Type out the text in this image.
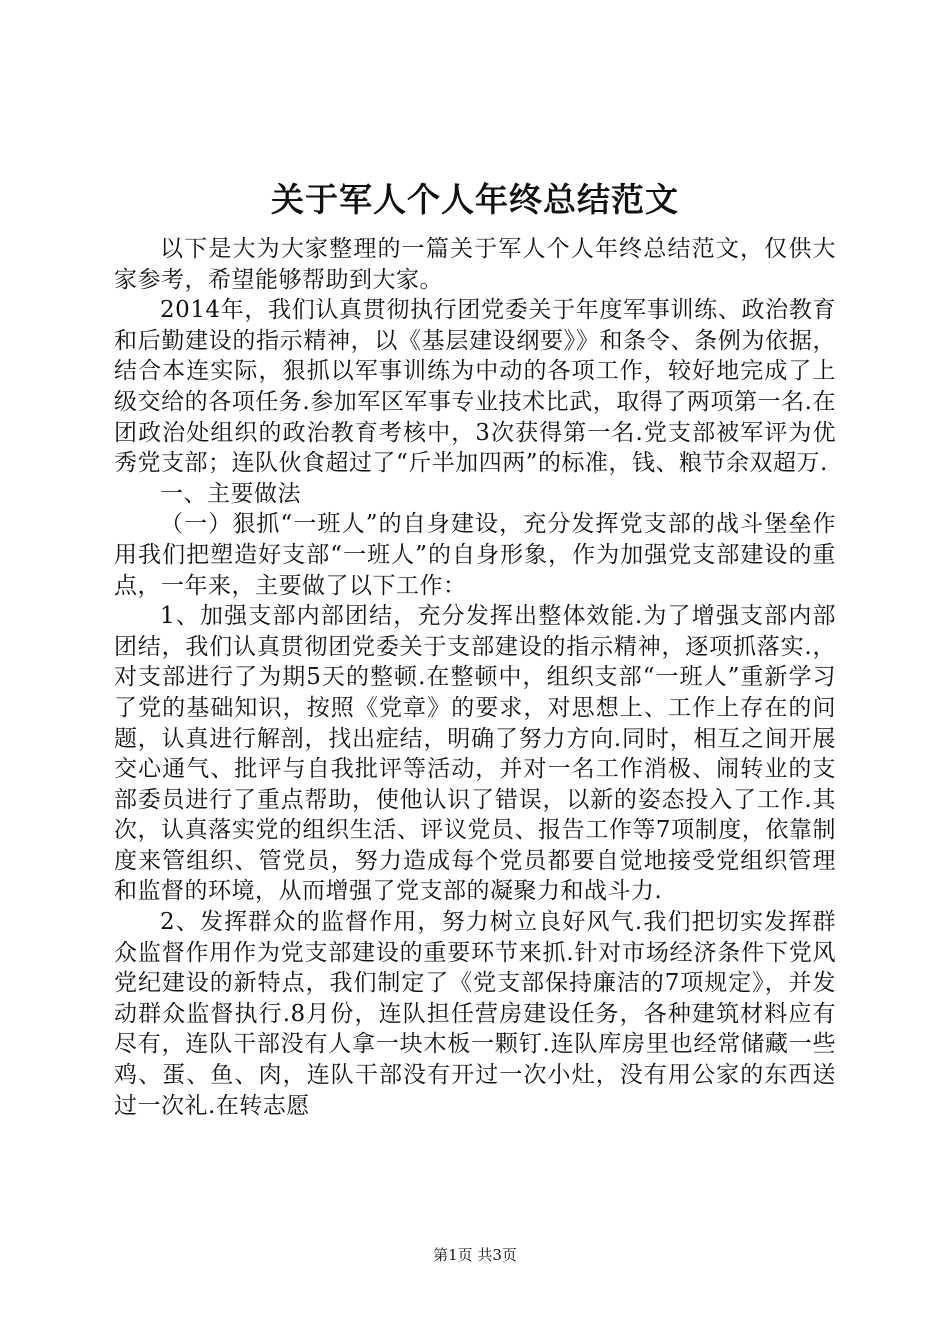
关于军人个人年终总结范文

以下是大为大家整理的一篇关于军人个人年终总结范文，仅供大家参考，希望能够帮助到大家。

2014年，我们认真贯彻执行团党委关于年度军事训练、政治教育和后勤建设的指示精神，以《基层建设纲要》》和条令、条例为依据，结合本连实际，狠抓以军事训练为中动的各项工作，较好地完成了上级交给的各项任务.参加军区军事专业技术比武，取得了两项第一名.在团政治处组织的政治教育考核中，3次获得第一名.党支部被军评为优秀党支部；连队伙食超过了“斤半加四两”的标准，钱、粮节余双超万.

一、主要做法

（一）狠抓“一班人”的自身建设，充分发挥党支部的战斗堡垒作用我们把塑造好支部“一班人”的自身形象，作为加强党支部建设的重点，一年来，主要做了以下工作：

1、加强支部内部团结，充分发挥出整体效能.为了增强支部内部团结，我们认真贯彻团党委关于支部建设的指示精神，逐项抓落实.，对支部进行了为期5天的整顿.在整顿中，组织支部“一班人”重新学习了党的基础知识，按照《党章》的要求，对思想上、工作上存在的问题，认真进行解剖，找出症结，明确了努力方向.同时，相互之间开展交心通气、批评与自我批评等活动，并对一名工作消极、闹转业的支部委员进行了重点帮助，使他认识了错误，以新的姿态投入了工作.其次，认真落实党的组织生活、评议党员、报告工作等7项制度，依靠制度来管组织、管党员，努力造成每个党员都要自觉地接受党组织管理和监督的环境，从而增强了党支部的凝聚力和战斗力.

2、发挥群众的监督作用，努力树立良好风气.我们把切实发挥群众监督作用作为党支部建设的重要环节来抓.针对市场经济条件下党风党纪建设的新特点，我们制定了《党支部保持廉洁的7项规定》，并发动群众监督执行.8月份，连队担任营房建设任务，各种建筑材料应有尽有，连队干部没有人拿一块木板一颗钉.连队库房里也经常储藏一些鸡、蛋、鱼、肉，连队干部没有开过一次小灶，没有用公家的东西送过一次礼.在转志愿

第1页 共3页
